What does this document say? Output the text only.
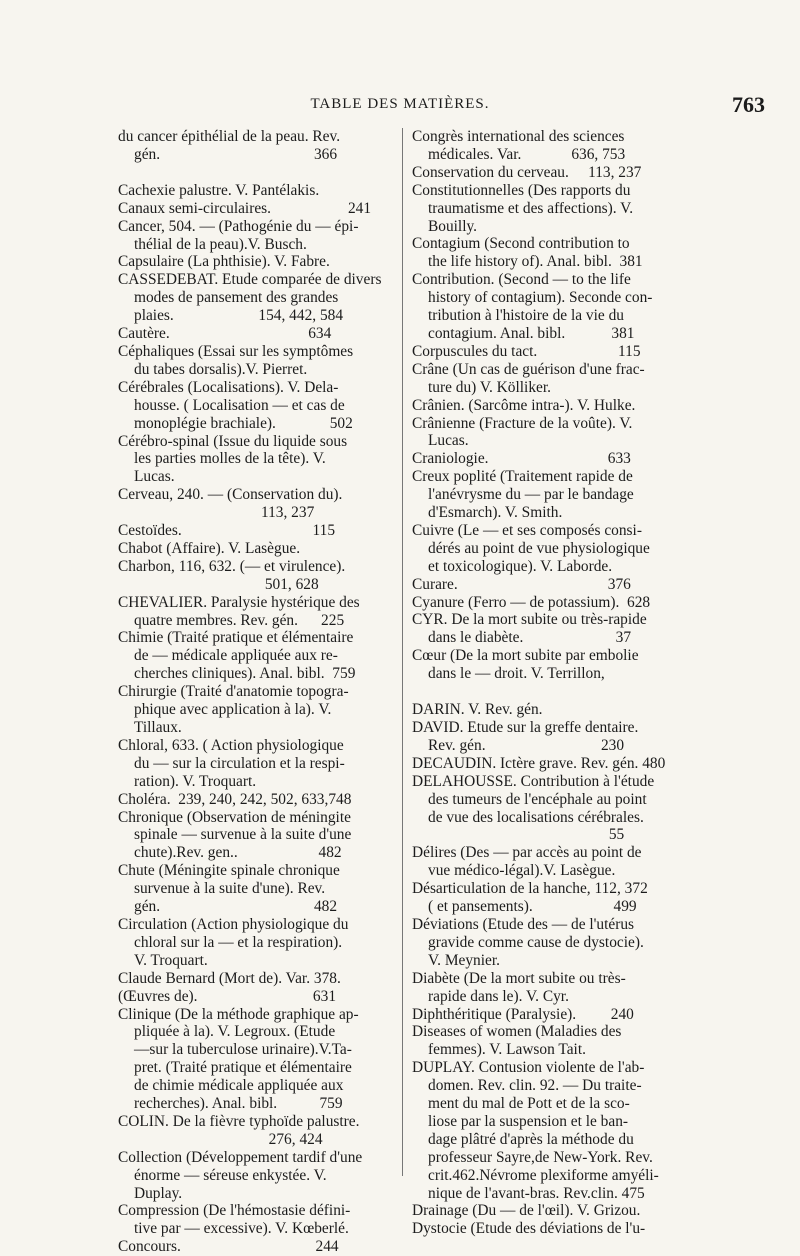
TABLE DES MATIÈRES.	763
du cancer épithélial de la peau. Rev.
gén.                                        366
Cachexie palustre. V. Pantélakis.
Canaux semi-circulaires.                    241
Cancer, 504. — (Pathogénie du — épi-
thélial de la peau).V. Busch.
Capsulaire (La phthisie). V. Fabre.
CASSEDEBAT. Etude comparée de divers
modes de pansement des grandes
plaies.                      154, 442, 584
Cautère.                                    634
Céphaliques (Essai sur les symptômes
du tabes dorsalis).V. Pierret.
Cérébrales (Localisations). V. Dela-
housse. ( Localisation — et cas de
monoplégie brachiale).              502
Cérébro-spinal (Issue du liquide sous
les parties molles de la tête). V.
Lucas.
Cerveau, 240. — (Conservation du).
113, 237
Cestoïdes.                                  115
Chabot (Affaire). V. Lasègue.
Charbon, 116, 632. (— et virulence).
501, 628
CHEVALIER. Paralysie hystérique des
quatre membres. Rev. gén.      225
Chimie (Traité pratique et élémentaire
de — médicale appliquée aux re-
cherches cliniques). Anal. bibl.  759
Chirurgie (Traité d'anatomie topogra-
phique avec application à la). V.
Tillaux.
Chloral, 633. ( Action physiologique
du — sur la circulation et la respi-
ration). V. Troquart.
Choléra.  239, 240, 242, 502, 633,748
Chronique (Observation de méningite
spinale — survenue à la suite d'une
chute).Rev. gen..                     482
Chute (Méningite spinale chronique
survenue à la suite d'une). Rev.
gén.                                        482
Circulation (Action physiologique du
chloral sur la — et la respiration).
V. Troquart.
Claude Bernard (Mort de). Var. 378.
(Œuvres de).                              631
Clinique (De la méthode graphique ap-
pliquée à la). V. Legroux. (Etude
—sur la tuberculose urinaire).V.Ta-
pret. (Traité pratique et élémentaire
de chimie médicale appliquée aux
recherches). Anal. bibl.           759
COLIN. De la fièvre typhoïde palustre.
276, 424
Collection (Développement tardif d'une
énorme — séreuse enkystée. V.
Duplay.
Compression (De l'hémostasie défini-
tive par — excessive). V. Kœberlé.
Concours.                                   244
Congrès international des sciences
médicales. Var.             636, 753
Conservation du cerveau.     113, 237
Constitutionnelles (Des rapports du
traumatisme et des affections). V.
Bouilly.
Contagium (Second contribution to
the life history of). Anal. bibl.  381
Contribution. (Second — to the life
history of contagium). Seconde con-
tribution à l'histoire de la vie du
contagium. Anal. bibl.            381
Corpuscules du tact.                     115
Crâne (Un cas de guérison d'une frac-
ture du) V. Kölliker.
Crânien. (Sarcôme intra-). V. Hulke.
Crânienne (Fracture de la voûte). V.
Lucas.
Craniologie.                               633
Creux poplité (Traitement rapide de
l'anévrysme du — par le bandage
d'Esmarch). V. Smith.
Cuivre (Le — et ses composés consi-
dérés au point de vue physiologique
et toxicologique). V. Laborde.
Curare.                                       376
Cyanure (Ferro — de potassium).  628
CYR. De la mort subite ou très-rapide
dans le diabète.                        37
Cœur (De la mort subite par embolie
dans le — droit. V. Terrillon,
DARIN. V. Rev. gén.
DAVID. Etude sur la greffe dentaire.
Rev. gén.                              230
DECAUDIN. Ictère grave. Rev. gén. 480
DELAHOUSSE. Contribution à l'étude
des tumeurs de l'encéphale au point
de vue des localisations cérébrales.
55
Délires (Des — par accès au point de
vue médico-légal).V. Lasègue.
Désarticulation de la hanche, 112, 372
( et pansements).                     499
Déviations (Etude des — de l'utérus
gravide comme cause de dystocie).
V. Meynier.
Diabète (De la mort subite ou très-
rapide dans le). V. Cyr.
Diphthéritique (Paralysie).         240
Diseases of women (Maladies des
femmes). V. Lawson Tait.
DUPLAY. Contusion violente de l'ab-
domen. Rev. clin. 92. — Du traite-
ment du mal de Pott et de la sco-
liose par la suspension et le ban-
dage plâtré d'après la méthode du
professeur Sayre,de New-York. Rev.
crit.462.Névrome plexiforme amyéli-
nique de l'avant-bras. Rev.clin. 475
Drainage (Du — de l'œil). V. Grizou.
Dystocie (Etude des déviations de l'u-
